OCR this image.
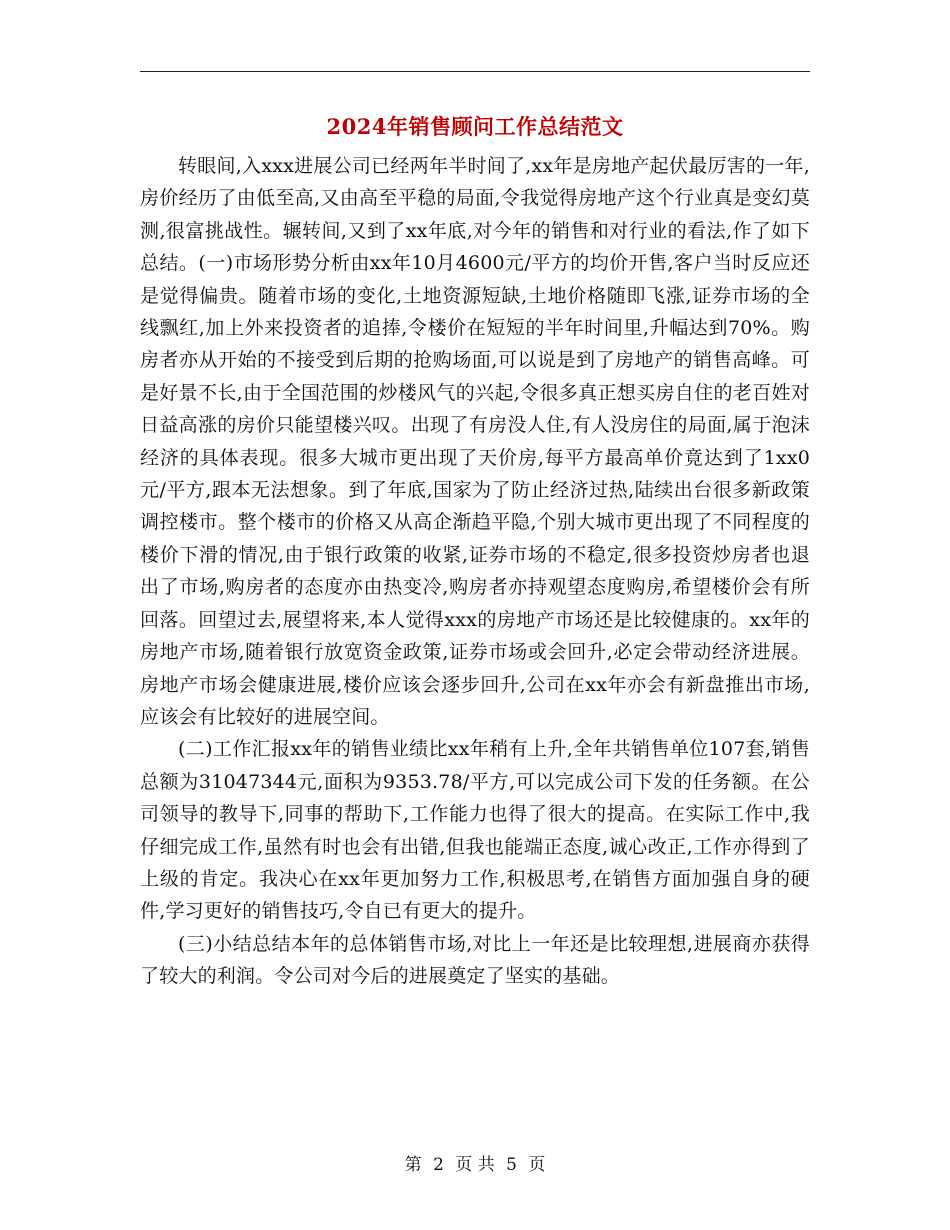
2024年销售顾问工作总结范文

转眼间,入xxx进展公司已经两年半时间了,xx年是房地产起伏最厉害的一年,房价经历了由低至高,又由高至平稳的局面,令我觉得房地产这个行业真是变幻莫测,很富挑战性。辗转间,又到了xx年底,对今年的销售和对行业的看法,作了如下总结。(一)市场形势分析由xx年10月4600元/平方的均价开售,客户当时反应还是觉得偏贵。随着市场的变化,土地资源短缺,土地价格随即飞涨,证券市场的全线飘红,加上外来投资者的追捧,令楼价在短短的半年时间里,升幅达到70%。购房者亦从开始的不接受到后期的抢购场面,可以说是到了房地产的销售高峰。可是好景不长,由于全国范围的炒楼风气的兴起,令很多真正想买房自住的老百姓对日益高涨的房价只能望楼兴叹。出现了有房没人住,有人没房住的局面,属于泡沫经济的具体表现。很多大城市更出现了天价房,每平方最高单价竟达到了1xx0元/平方,跟本无法想象。到了年底,国家为了防止经济过热,陆续出台很多新政策调控楼市。整个楼市的价格又从高企渐趋平隐,个别大城市更出现了不同程度的楼价下滑的情况,由于银行政策的收紧,证券市场的不稳定,很多投资炒房者也退出了市场,购房者的态度亦由热变冷,购房者亦持观望态度购房,希望楼价会有所回落。回望过去,展望将来,本人觉得xxx的房地产市场还是比较健康的。xx年的房地产市场,随着银行放宽资金政策,证券市场或会回升,必定会带动经济进展。房地产市场会健康进展,楼价应该会逐步回升,公司在xx年亦会有新盘推出市场,应该会有比较好的进展空间。

(二)工作汇报xx年的销售业绩比xx年稍有上升,全年共销售单位107套,销售总额为31047344元,面积为9353.78/平方,可以完成公司下发的任务额。在公司领导的教导下,同事的帮助下,工作能力也得了很大的提高。在实际工作中,我仔细完成工作,虽然有时也会有出错,但我也能端正态度,诚心改正,工作亦得到了上级的肯定。我决心在xx年更加努力工作,积极思考,在销售方面加强自身的硬件,学习更好的销售技巧,令自已有更大的提升。

(三)小结总结本年的总体销售市场,对比上一年还是比较理想,进展商亦获得了较大的利润。令公司对今后的进展奠定了坚实的基础。

第 2 页 共 5 页
